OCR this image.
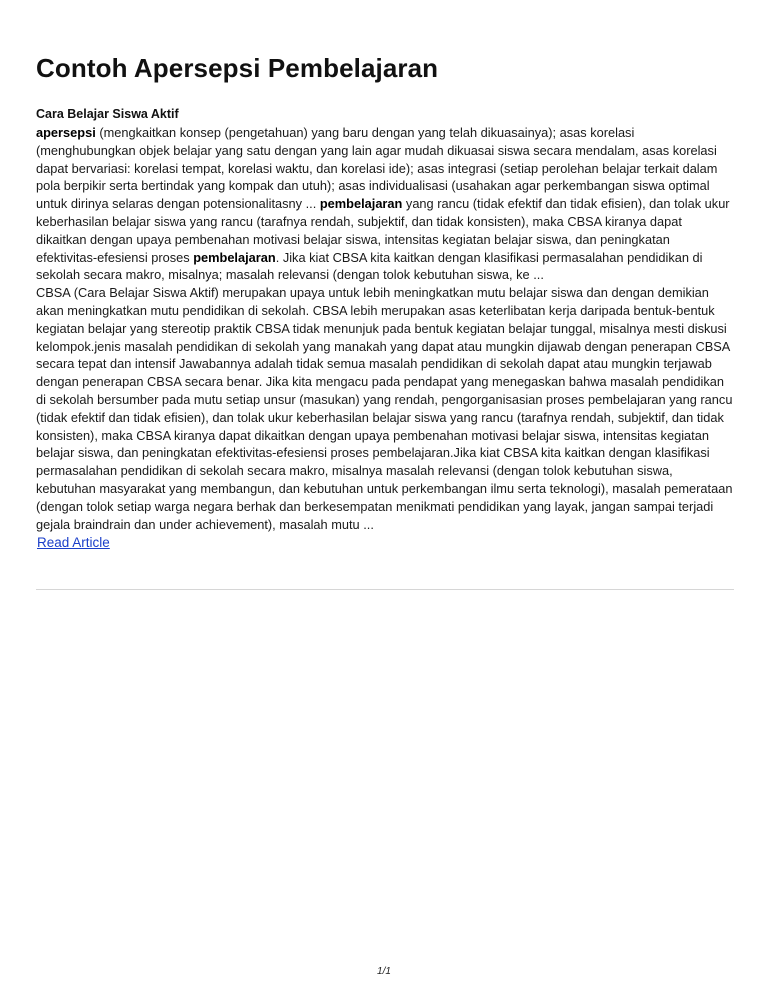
Contoh Apersepsi Pembelajaran
Cara Belajar Siswa Aktif

apersepsi (mengkaitkan konsep (pengetahuan) yang baru dengan yang telah dikuasainya); asas korelasi (menghubungkan objek belajar yang satu dengan yang lain agar mudah dikuasai siswa secara mendalam, asas korelasi dapat bervariasi: korelasi tempat, korelasi waktu, dan korelasi ide); asas integrasi (setiap perolehan belajar terkait dalam pola berpikir serta bertindak yang kompak dan utuh); asas individualisasi (usahakan agar perkembangan siswa optimal untuk dirinya selaras dengan potensionalitasny ... pembelajaran yang rancu (tidak efektif dan tidak efisien), dan tolak ukur keberhasilan belajar siswa yang rancu (tarafnya rendah, subjektif, dan tidak konsisten), maka CBSA kiranya dapat dikaitkan dengan upaya pembenahan motivasi belajar siswa, intensitas kegiatan belajar siswa, dan peningkatan efektivitas-efesiensi proses pembelajaran. Jika kiat CBSA kita kaitkan dengan klasifikasi permasalahan pendidikan di sekolah secara makro, misalnya; masalah relevansi (dengan tolok kebutuhan siswa, ke ...

CBSA (Cara Belajar Siswa Aktif) merupakan upaya untuk lebih meningkatkan mutu belajar siswa dan dengan demikian akan meningkatkan mutu pendidikan di sekolah. CBSA lebih merupakan asas keterlibatan kerja daripada bentuk-bentuk kegiatan belajar yang stereotip praktik CBSA tidak menunjuk pada bentuk kegiatan belajar tunggal, misalnya mesti diskusi kelompok.jenis masalah pendidikan di sekolah yang manakah yang dapat atau mungkin dijawab dengan penerapan CBSA secara tepat dan intensif Jawabannya adalah tidak semua masalah pendidikan di sekolah dapat atau mungkin terjawab dengan penerapan CBSA secara benar. Jika kita mengacu pada pendapat yang menegaskan bahwa masalah pendidikan di sekolah bersumber pada mutu setiap unsur (masukan) yang rendah, pengorganisasian proses pembelajaran yang rancu (tidak efektif dan tidak efisien), dan tolak ukur keberhasilan belajar siswa yang rancu (tarafnya rendah, subjektif, dan tidak konsisten), maka CBSA kiranya dapat dikaitkan dengan upaya pembenahan motivasi belajar siswa, intensitas kegiatan belajar siswa, dan peningkatan efektivitas-efesiensi proses pembelajaran.Jika kiat CBSA kita kaitkan dengan klasifikasi permasalahan pendidikan di sekolah secara makro, misalnya masalah relevansi (dengan tolok kebutuhan siswa, kebutuhan masyarakat yang membangun, dan kebutuhan untuk perkembangan ilmu serta teknologi), masalah pemerataan (dengan tolok setiap warga negara berhak dan berkesempatan menikmati pendidikan yang layak, jangan sampai terjadi gejala braindrain dan under achievement), masalah mutu ...

Read Article
1/1
